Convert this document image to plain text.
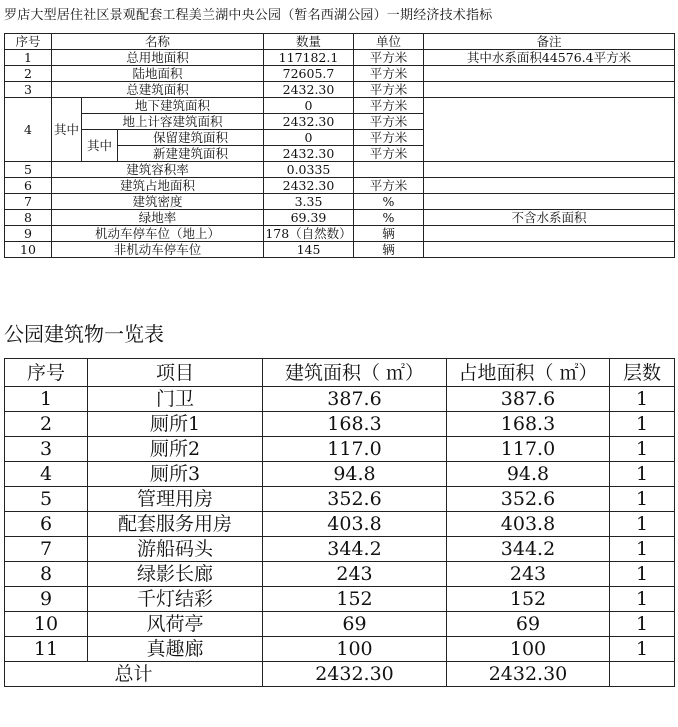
罗店大型居住社区景观配套工程美兰湖中央公园（暂名西湖公园）一期经济技术指标
序号	名称			数量	单位	备注
1	总用地面积			117182.1	平方米	其中水系面积44576.4平方米
2	陆地面积			72605.7	平方米	
3	总建筑面积			2432.30	平方米	
4	其中	地下建筑面积		0	平方米	
		地上计容建筑面积		2432.30	平方米	
		其中	保留建筑面积	0	平方米	
			新建建筑面积	2432.30	平方米	
5	建筑容积率			0.0335		
6	建筑占地面积			2432.30	平方米	
7	建筑密度			3.35	%	
8	绿地率			69.39	%	不含水系面积
9	机动车停车位（地上）			178（自然数）	辆	
10	非机动车停车位			145	辆	
公园建筑物一览表
序号	项目	建筑面积（ ㎡）	占地面积（ ㎡）	层数
1	门卫	387.6	387.6	1
2	厕所1	168.3	168.3	1
3	厕所2	117.0	117.0	1
4	厕所3	94.8	94.8	1
5	管理用房	352.6	352.6	1
6	配套服务用房	403.8	403.8	1
7	游船码头	344.2	344.2	1
8	绿影长廊	243	243	1
9	千灯结彩	152	152	1
10	风荷亭	69	69	1
11	真趣廊	100	100	1
总计		2432.30	2432.30	
